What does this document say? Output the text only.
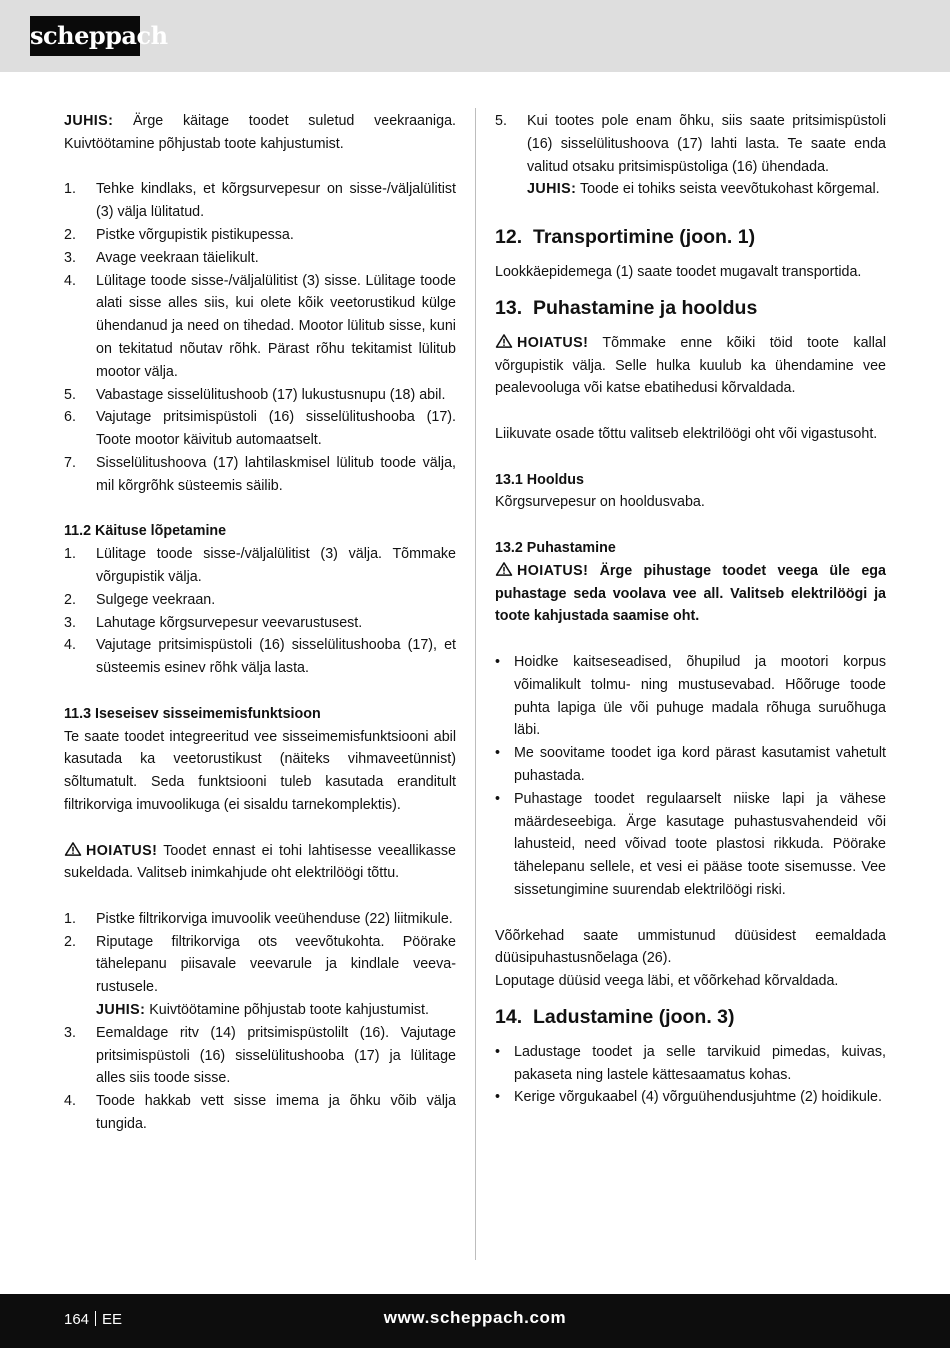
scheppach

JUHIS: Ärge käitage toodet suletud veekraaniga. Kuivtöötamine põhjustab toote kahjustumist.

1. Tehke kindlaks, et kõrgsurvepesur on sisse-/väljalülitist (3) välja lülitatud.
2. Pistke võrgupistik pistikupessa.
3. Avage veekraan täielikult.
4. Lülitage toode sisse-/väljalülitist (3) sisse. Lülitage toode alati sisse alles siis, kui olete kõik veetorustikud külge ühendanud ja need on tihedad. Mootor lülitub sisse, kuni on tekitatud nõutav rõhk. Pärast rõhu tekitamist lülitub mootor välja.
5. Vabastage sisselülitushoob (17) lukustusnupu (18) abil.
6. Vajutage pritsimispüstoli (16) sisselülitushooba (17). Toote mootor käivitub automaatselt.
7. Sisselülitushoova (17) lahtilaskmisel lülitub toode välja, mil kõrgrõhk süsteemis säilib.

11.2 Käituse lõpetamine

1. Lülitage toode sisse-/väljalülitist (3) välja. Tõmmake võrgupistik välja.
2. Sulgege veekraan.
3. Lahutage kõrgsurvepesur veevarustusest.
4. Vajutage pritsimispüstoli (16) sisselülitushooba (17), et süsteemis esinev rõhk välja lasta.

11.3 Iseseisev sisseimemisfunktsioon

Te saate toodet integreeritud vee sisseimemisfunktsiooni abil kasutada ka veetorustikust (näiteks vihmaveetünnist) sõltumatult. Seda funktsiooni tuleb kasutada eranditult filtrikorviga imuvoolikuga (ei sisaldu tarnekomplektis).

HOIATUS! Toodet ennast ei tohi lahtisesse veeallikasse sukeldada. Valitseb inimkahjude oht elektrilöögi tõttu.

1. Pistke filtrikorviga imuvoolik veeühenduse (22) liitmikule.
2. Riputage filtrikorviga ots veevõtukohta. Pöörake tähelepanu piisavale veevarule ja kindlale veevarustusele.
JUHIS: Kuivtöötamine põhjustab toote kahjustumist.
3. Eemaldage ritv (14) pritsimispüstolilt (16). Vajutage pritsimispüstoli (16) sisselülitushooba (17) ja lülitage alles siis toode sisse.
4. Toode hakkab vett sisse imema ja õhku võib välja tungida.
5. Kui tootes pole enam õhku, siis saate pritsimispüstoli (16) sisselülitushoova (17) lahti lasta. Te saate enda valitud otsaku pritsimispüstoliga (16) ühendada.
JUHIS: Toode ei tohiks seista veevõtukohast kõrgemal.
12. Transportimine (joon. 1)

Lookkäepidemega (1) saate toodet mugavalt transportida.

13. Puhastamine ja hooldus

HOIATUS! Tõmmake enne kõiki töid toote kallal võrgupistik välja. Selle hulka kuulub ka ühendamine vee pealevooluga või katse ebatihedusi kõrvaldada.

Liikuvate osade tõttu valitseb elektrilöögi oht või vigastusoht.

13.1 Hooldus

Kõrgsurvepesur on hooldusvaba.

13.2 Puhastamine

HOIATUS! Ärge pihustage toodet veega üle ega puhastage seda voolava vee all. Valitseb elektrilöögi ja toote kahjustada saamise oht.

• Hoidke kaitseseadised, õhupilud ja mootori korpus võimalikult tolmu- ning mustusevabad. Hõõruge toode puhta lapiga üle või puhuge madala rõhuga suruõhuga läbi.
• Me soovitame toodet iga kord pärast kasutamist vahetult puhastada.
• Puhastage toodet regulaarselt niiske lapi ja vähese määrdeseebiga. Ärge kasutage puhastusvahendeid või lahusteid, need võivad toote plastosi rikkuda. Pöörake tähelepanu sellele, et vesi ei pääse toote sisemusse. Vee sissetungimine suurendab elektrilöögi riski.

Võõrkehad saate ummistunud düüsidest eemaldada düüsipuhastusnõelaga (26).

Loputage düüsid veega läbi, et võõrkehad kõrvaldada.

14. Ladustamine (joon. 3)
• Ladustage toodet ja selle tarvikuid pimedas, kuivas, pakaseta ning lastele kättesaamatus kohas.
• Kerige võrgukaabel (4) võrguühendusjuhtme (2) hoidikule.
164 EE	www.scheppach.com
